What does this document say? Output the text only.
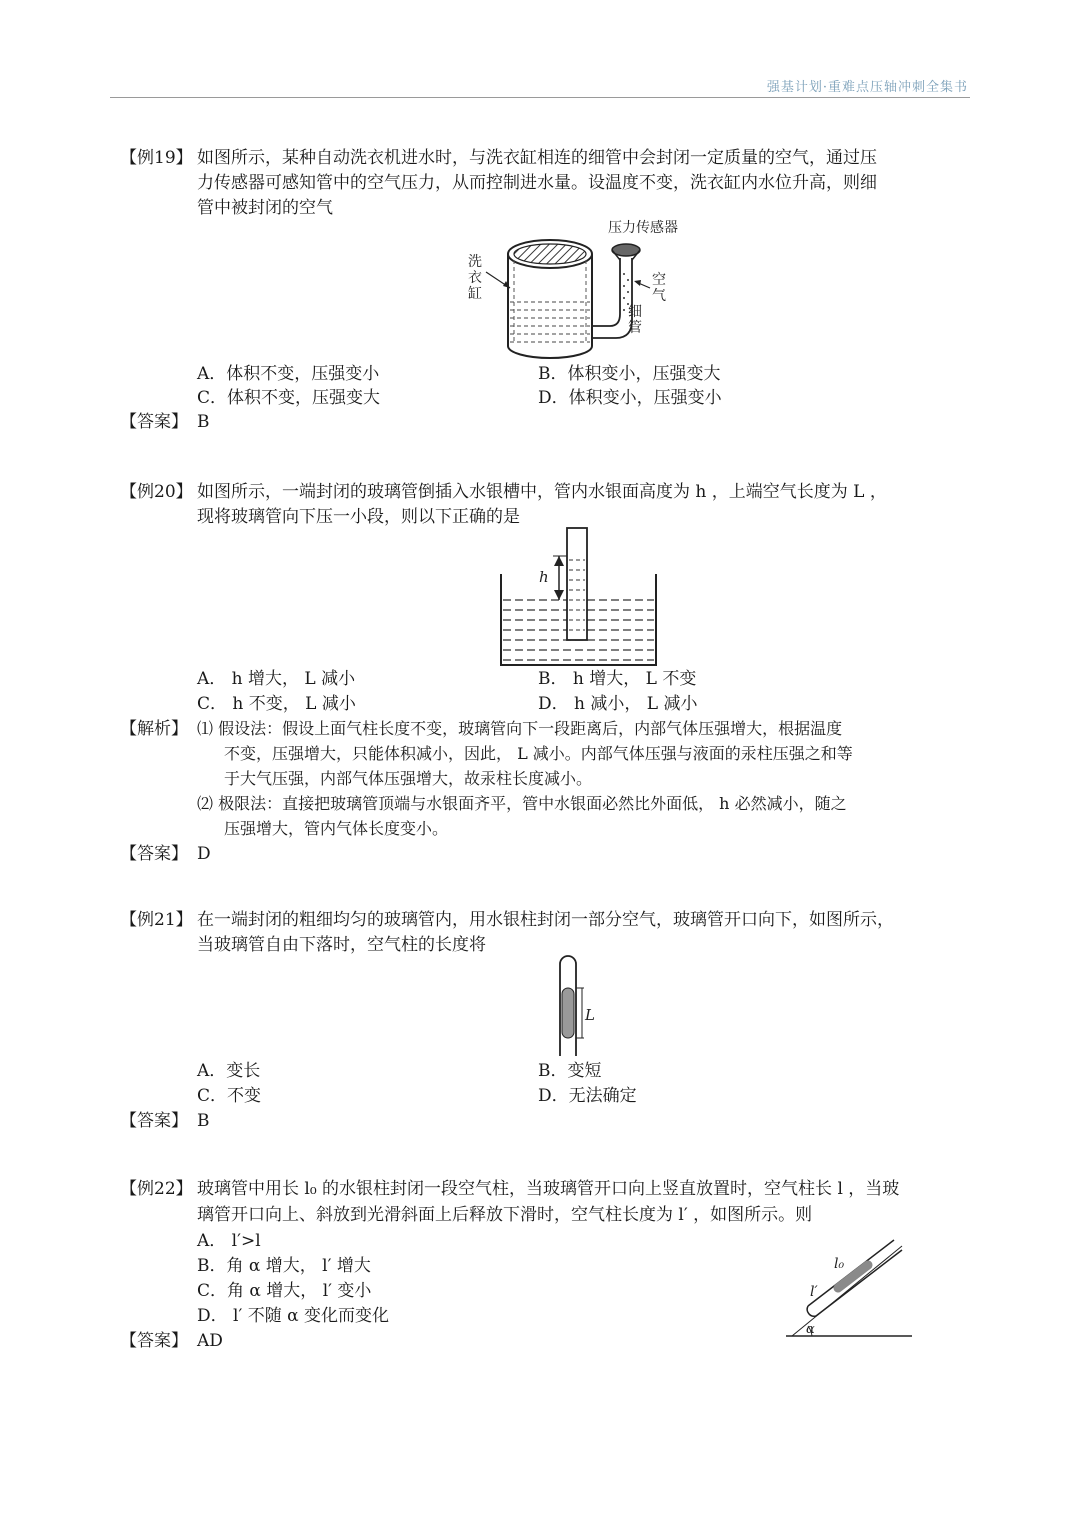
强基计划·重难点压轴冲刺全集书
【例19】 如图所示，某种自动洗衣机进水时，与洗衣缸相连的细管中会封闭一定质量的空气，通过压
力传感器可感知管中的空气压力，从而控制进水量。设温度不变，洗衣缸内水位升高，则细
管中被封闭的空气
压力传感器
洗
衣
缸
空
气
细
管
A．体积不变，压强变小	B．体积变小，压强变大
C．体积不变，压强变大	D．体积变小，压强变小
【答案】 B
【例20】 如图所示，一端封闭的玻璃管倒插入水银槽中，管内水银面高度为 h ，上端空气长度为 L ，
现将玻璃管向下压一小段，则以下正确的是
h
A． h 增大， L 减小	B． h 增大， L 不变
C． h 不变， L 减小	D． h 减小， L 减小
【解析】 ⑴ 假设法：假设上面气柱长度不变，玻璃管向下一段距离后，内部气体压强增大，根据温度
不变，压强增大，只能体积减小，因此， L 减小。内部气体压强与液面的汞柱压强之和等
于大气压强，内部气体压强增大，故汞柱长度减小。
⑵ 极限法：直接把玻璃管顶端与水银面齐平，管中水银面必然比外面低， h 必然减小，随之
压强增大，管内气体长度变小。
【答案】 D
【例21】 在一端封闭的粗细均匀的玻璃管内，用水银柱封闭一部分空气，玻璃管开口向下，如图所示，
当玻璃管自由下落时，空气柱的长度将
L
A．变长	B．变短
C．不变	D．无法确定
【答案】 B
【例22】 玻璃管中用长 l₀ 的水银柱封闭一段空气柱，当玻璃管开口向上竖直放置时，空气柱长 l ，当玻
璃管开口向上、斜放到光滑斜面上后释放下滑时，空气柱长度为 l′ ，如图所示。则
A． l′>l
B．角 α 增大， l′ 增大
C．角 α 增大， l′ 变小
D． l′ 不随 α 变化而变化
【答案】 AD
l₀
l′
α
